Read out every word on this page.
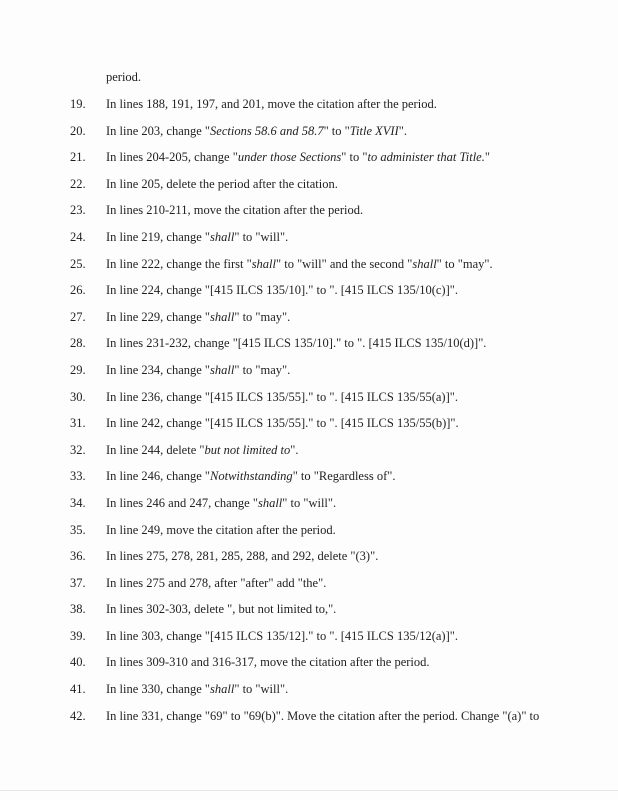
period.
19.	In lines 188, 191, 197, and 201, move the citation after the period.
20.	In line 203, change "Sections 58.6 and 58.7" to "Title XVII".
21.	In lines 204-205, change "under those Sections" to "to administer that Title."
22.	In line 205, delete the period after the citation.
23.	In lines 210-211, move the citation after the period.
24.	In line 219, change "shall" to "will".
25.	In line 222, change the first "shall" to "will" and the second "shall" to "may".
26.	In line 224, change "[415 ILCS 135/10]." to ". [415 ILCS 135/10(c)]".
27.	In line 229, change "shall" to "may".
28.	In lines 231-232, change "[415 ILCS 135/10]." to ". [415 ILCS 135/10(d)]".
29.	In line 234, change "shall" to "may".
30.	In line 236, change "[415 ILCS 135/55]." to ". [415 ILCS 135/55(a)]".
31.	In line 242, change "[415 ILCS 135/55]." to ". [415 ILCS 135/55(b)]".
32.	In line 244, delete "but not limited to".
33.	In line 246, change "Notwithstanding" to "Regardless of".
34.	In lines 246 and 247, change "shall" to "will".
35.	In line 249, move the citation after the period.
36.	In lines 275, 278, 281, 285, 288, and 292, delete "(3)".
37.	In lines 275 and 278, after "after" add "the".
38.	In lines 302-303, delete ", but not limited to,".
39.	In line 303, change "[415 ILCS 135/12]." to ". [415 ILCS 135/12(a)]".
40.	In lines 309-310 and 316-317, move the citation after the period.
41.	In line 330, change "shall" to "will".
42.	In line 331, change "69" to "69(b)". Move the citation after the period. Change "(a)" to
